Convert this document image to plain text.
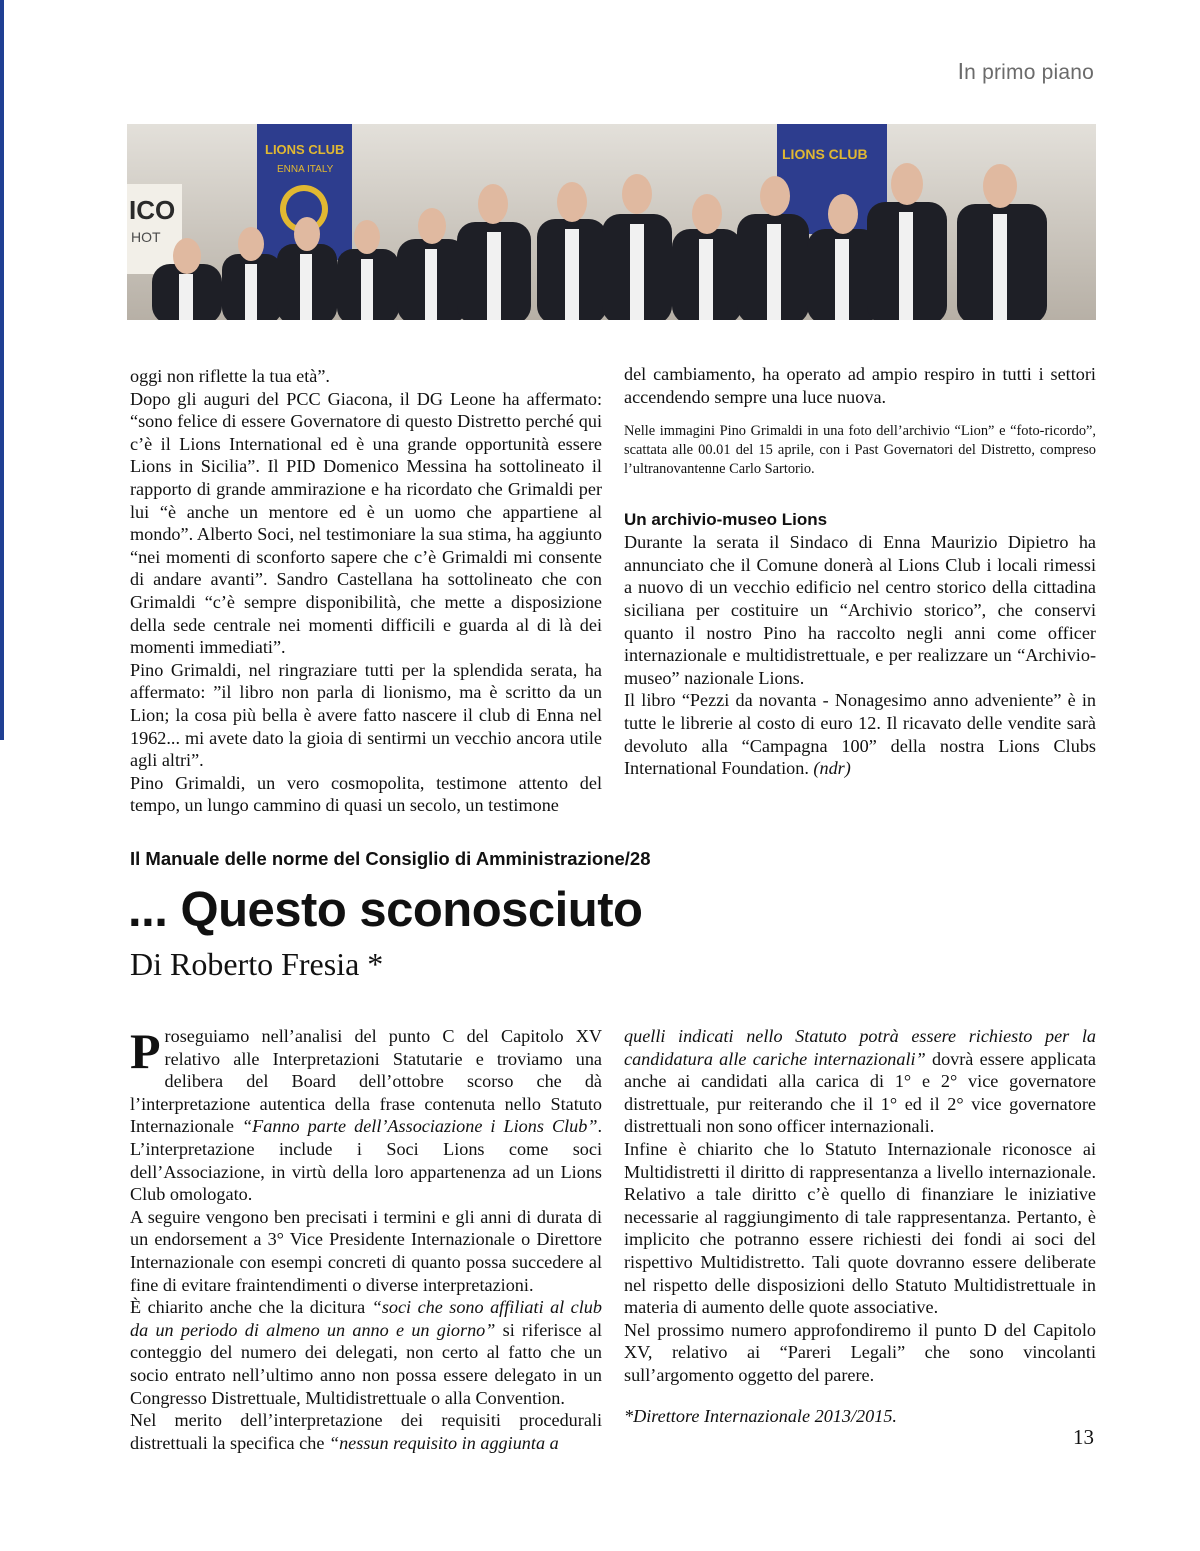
In primo piano
ICO
HOT
LIONS CLUB
ENNA ITALY
LIONS CLUB

oggi non riflette la tua età”.

Dopo gli auguri del PCC Giacona, il DG Leone ha affermato: “sono felice di essere Governatore di questo Distretto perché qui c’è il Lions International ed è una grande opportunità essere Lions in Sicilia”. Il PID Domenico Messina ha sottolineato il rapporto di grande ammirazione e ha ricordato che Grimaldi per lui “è anche un mentore ed è un uomo che appartiene al mondo”. Alberto Soci, nel testimoniare la sua stima, ha aggiunto “nei momenti di sconforto sapere che c’è Grimaldi mi consente di andare avanti”. Sandro Castellana ha sottolineato che con Grimaldi “c’è sempre disponibilità, che mette a disposizione della sede centrale nei momenti difficili e guarda al di là dei momenti immediati”.

Pino Grimaldi, nel ringraziare tutti per la splendida serata, ha affermato: ”il libro non parla di lionismo, ma è scritto da un Lion; la cosa più bella è avere fatto nascere il club di Enna nel 1962... mi avete dato la gioia di sentirmi un vecchio ancora utile agli altri”.

Pino Grimaldi, un vero cosmopolita, testimone attento del tempo, un lungo cammino di quasi un secolo, un testimone

del cambiamento, ha operato ad ampio respiro in tutti i settori accendendo sempre una luce nuova.

Nelle immagini Pino Grimaldi in una foto dell’archivio “Lion” e “foto-ricordo”, scattata alle 00.01 del 15 aprile, con i Past Governatori del Distretto, compreso l’ultranovantenne Carlo Sartorio.

Un archivio-museo Lions

Durante la serata il Sindaco di Enna Maurizio Dipietro ha annunciato che il Comune donerà al Lions Club i locali rimessi a nuovo di un vecchio edificio nel centro storico della cittadina siciliana per costituire un “Archivio storico”, che conservi quanto il nostro Pino ha raccolto negli anni come officer internazionale e multidistrettuale, e per realizzare un “Archivio-museo” nazionale Lions.

Il libro “Pezzi da novanta - Nonagesimo anno adveniente” è in tutte le librerie al costo di euro 12. Il ricavato delle vendite sarà devoluto alla “Campagna 100” della nostra Lions Clubs International Foundation. (ndr)

Il Manuale delle norme del Consiglio di Amministrazione/28
... Questo sconosciuto
Di Roberto Fresia *

Proseguiamo nell’analisi del punto C del Capitolo XV relativo alle Interpretazioni Statutarie e troviamo una delibera del Board dell’ottobre scorso che dà l’interpretazione autentica della frase contenuta nello Statuto Internazionale “Fanno parte dell’Associazione i Lions Club”. L’interpretazione include i Soci Lions come soci dell’Associazione, in virtù della loro appartenenza ad un Lions Club omologato.

A seguire vengono ben precisati i termini e gli anni di durata di un endorsement a 3° Vice Presidente Internazionale o Direttore Internazionale con esempi concreti di quanto possa succedere al fine di evitare fraintendimenti o diverse interpretazioni.

È chiarito anche che la dicitura “soci che sono affiliati al club da un periodo di almeno un anno e un giorno” si riferisce al conteggio del numero dei delegati, non certo al fatto che un socio entrato nell’ultimo anno non possa essere delegato in un Congresso Distrettuale, Multidistrettuale o alla Convention.

Nel merito dell’interpretazione dei requisiti procedurali distrettuali la specifica che “nessun requisito in aggiunta a

quelli indicati nello Statuto potrà essere richiesto per la candidatura alle cariche internazionali” dovrà essere applicata anche ai candidati alla carica di 1° e 2° vice governatore distrettuale, pur reiterando che il 1° ed il 2° vice governatore distrettuali non sono officer internazionali.

Infine è chiarito che lo Statuto Internazionale riconosce ai Multidistretti il diritto di rappresentanza a livello internazionale. Relativo a tale diritto c’è quello di finanziare le iniziative necessarie al raggiungimento di tale rappresentanza. Pertanto, è implicito che potranno essere richiesti dei fondi ai soci del rispettivo Multidistretto. Tali quote dovranno essere deliberate nel rispetto delle disposizioni dello Statuto Multidistrettuale in materia di aumento delle quote associative.

Nel prossimo numero approfondiremo il punto D del Capitolo XV, relativo ai “Pareri Legali” che sono vincolanti sull’argomento oggetto del parere.

*Direttore Internazionale 2013/2015.

13
